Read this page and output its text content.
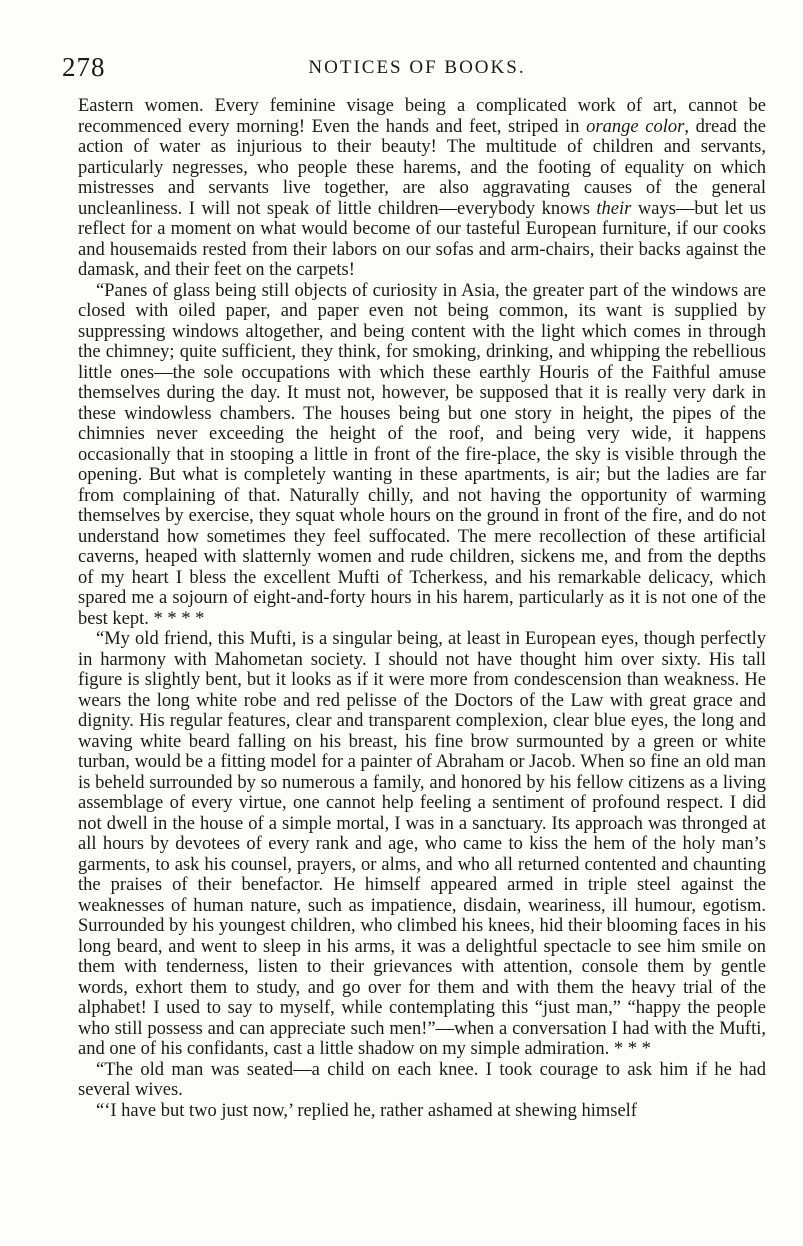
278	NOTICES OF BOOKS.

Eastern women. Every feminine visage being a complicated work of art, cannot be recommenced every morning! Even the hands and feet, striped in orange color, dread the action of water as injurious to their beauty! The multitude of children and servants, particularly negresses, who people these harems, and the footing of equality on which mistresses and servants live together, are also aggravating causes of the general uncleanliness. I will not speak of little children—everybody knows their ways—but let us reflect for a moment on what would become of our tasteful European furniture, if our cooks and housemaids rested from their labors on our sofas and arm-chairs, their backs against the damask, and their feet on the carpets!

“Panes of glass being still objects of curiosity in Asia, the greater part of the windows are closed with oiled paper, and paper even not being common, its want is supplied by suppressing windows altogether, and being content with the light which comes in through the chimney; quite sufficient, they think, for smoking, drinking, and whipping the rebellious little ones—the sole occupations with which these earthly Houris of the Faithful amuse themselves during the day. It must not, however, be supposed that it is really very dark in these windowless chambers. The houses being but one story in height, the pipes of the chimnies never exceeding the height of the roof, and being very wide, it happens occasionally that in stooping a little in front of the fire-place, the sky is visible through the opening. But what is completely wanting in these apartments, is air; but the ladies are far from complaining of that. Naturally chilly, and not having the opportunity of warming themselves by exercise, they squat whole hours on the ground in front of the fire, and do not understand how sometimes they feel suffocated. The mere recollection of these artificial caverns, heaped with slatternly women and rude children, sickens me, and from the depths of my heart I bless the excellent Mufti of Tcherkess, and his remarkable delicacy, which spared me a sojourn of eight-and-forty hours in his harem, particularly as it is not one of the best kept. * * * *

“My old friend, this Mufti, is a singular being, at least in European eyes, though perfectly in harmony with Mahometan society. I should not have thought him over sixty. His tall figure is slightly bent, but it looks as if it were more from condescension than weakness. He wears the long white robe and red pelisse of the Doctors of the Law with great grace and dignity. His regular features, clear and transparent complexion, clear blue eyes, the long and waving white beard falling on his breast, his fine brow surmounted by a green or white turban, would be a fitting model for a painter of Abraham or Jacob. When so fine an old man is beheld surrounded by so numerous a family, and honored by his fellow citizens as a living assemblage of every virtue, one cannot help feeling a sentiment of profound respect. I did not dwell in the house of a simple mortal, I was in a sanctuary. Its approach was thronged at all hours by devotees of every rank and age, who came to kiss the hem of the holy man’s garments, to ask his counsel, prayers, or alms, and who all returned contented and chaunting the praises of their benefactor. He himself appeared armed in triple steel against the weaknesses of human nature, such as impatience, disdain, weariness, ill humour, egotism. Surrounded by his youngest children, who climbed his knees, hid their blooming faces in his long beard, and went to sleep in his arms, it was a delightful spectacle to see him smile on them with tenderness, listen to their grievances with attention, console them by gentle words, exhort them to study, and go over for them and with them the heavy trial of the alphabet! I used to say to myself, while contemplating this “just man,” “happy the people who still possess and can appreciate such men!”—when a conversation I had with the Mufti, and one of his confidants, cast a little shadow on my simple admiration. * * *

“The old man was seated—a child on each knee. I took courage to ask him if he had several wives.

“‘I have but two just now,’ replied he, rather ashamed at shewing himself
